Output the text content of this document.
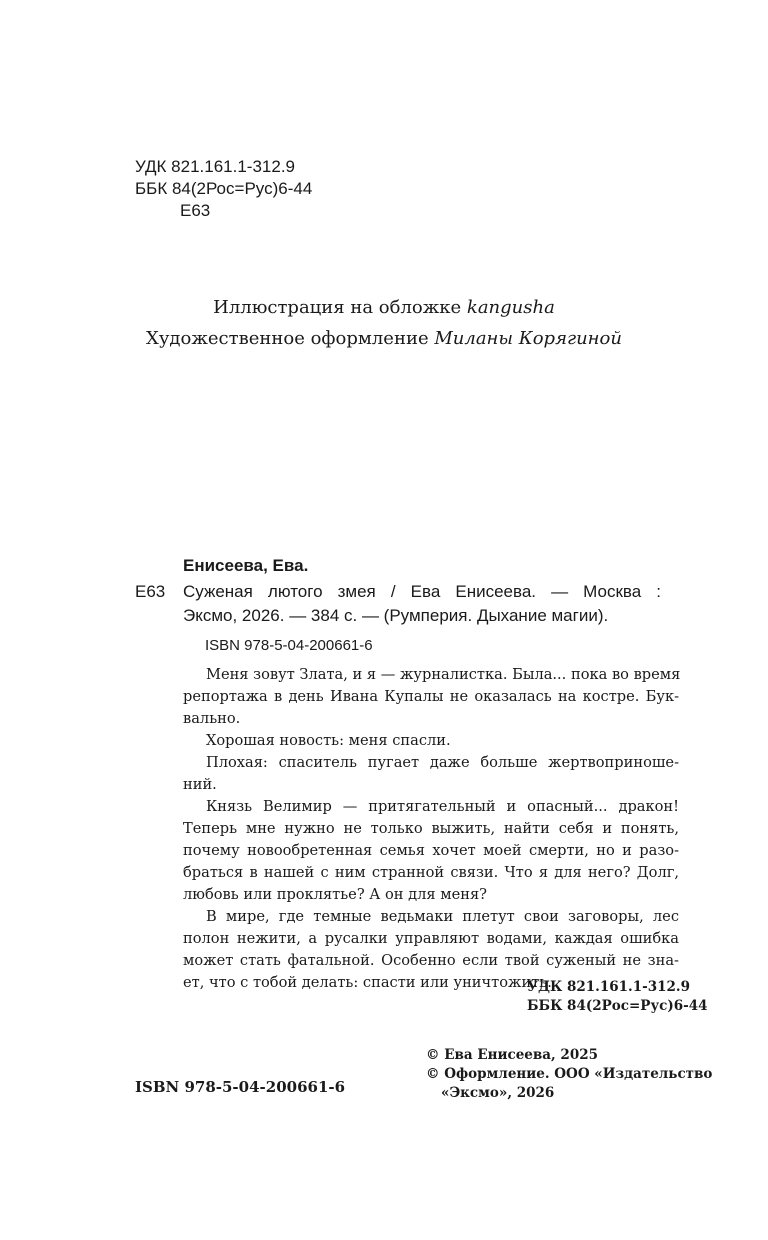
УДК 821.161.1-312.9
ББК 84(2Рос=Рус)6-44
Е63
Иллюстрация на обложке kangusha
Художественное оформление Миланы Корягиной
Енисеева, Ева.
Е63 Суженая лютого змея / Ева Енисеева. — Москва :
Эксмо, 2026. — 384 с. — (Румперия. Дыхание магии).
ISBN 978-5-04-200661-6
Меня зовут Злата, и я — журналистка. Была... пока во время
репортажа в день Ивана Купалы не оказалась на костре. Бук-
вально.
Хорошая новость: меня спасли.
Плохая: спаситель пугает даже больше жертвоприноше-
ний.
Князь Велимир — притягательный и опасный... дракон!
Теперь мне нужно не только выжить, найти себя и понять,
почему новообретенная семья хочет моей смерти, но и разо-
браться в нашей с ним странной связи. Что я для него? Долг,
любовь или проклятье? А он для меня?
В мире, где темные ведьмаки плетут свои заговоры, лес
полон нежити, а русалки управляют водами, каждая ошибка
может стать фатальной. Особенно если твой суженый не зна-
ет, что с тобой делать: спасти или уничтожить.
УДК 821.161.1-312.9
ББК 84(2Рос=Рус)6-44
© Ева Енисеева, 2025
© Оформление. ООО «Издательство
«Эксмо», 2026
ISBN 978-5-04-200661-6
